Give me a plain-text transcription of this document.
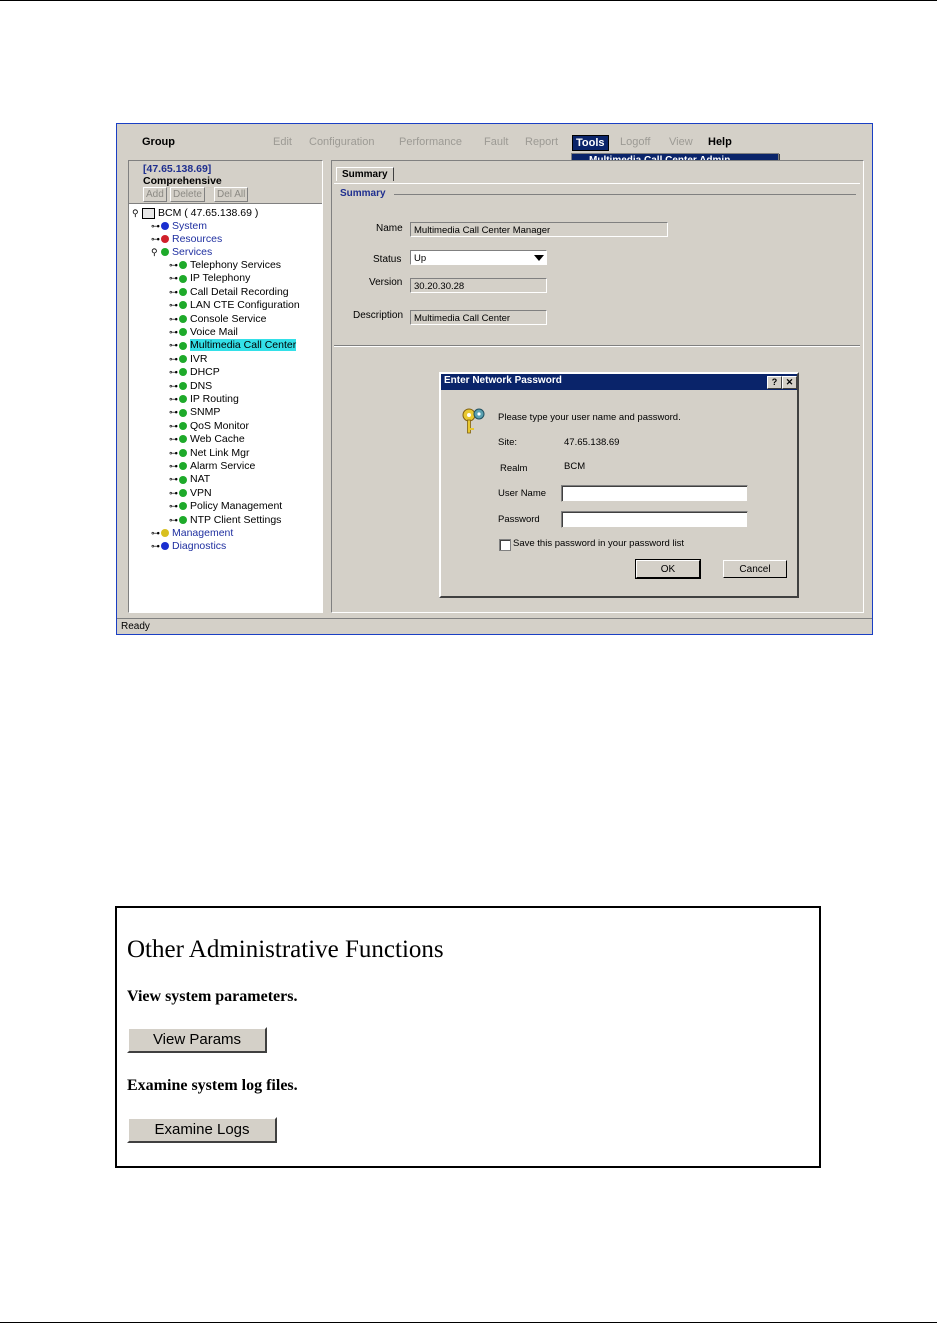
Group	Edit Configuration Performance Fault Report	Tools	Logoff View Help
[47.65.138.69]
Comprehensive
Add Delete	Del All
⚲ BCM ( 47.65.138.69 )
⊶ System
⊶ Resources
⚲ Services
⊶ Telephony Services
⊶ IP Telephony
⊶ Call Detail Recording
⊶ LAN CTE Configuration
⊶ Console Service
⊶ Voice Mail
⊶ Multimedia Call Center
⊶ IVR
⊶ DHCP
⊶ DNS
⊶ IP Routing
⊶ SNMP
⊶ QoS Monitor
⊶ Web Cache
⊶ Net Link Mgr
⊶ Alarm Service
⊶ NAT
⊶ VPN
⊶ Policy Management
⊶ NTP Client Settings
⊶ Management
⊶ Diagnostics
Summary
Summary
Name	Multimedia Call Center Manager
Status	Up
Version	30.20.30.28
Description	Multimedia Call Center
Enter Network Password	? ✕
Please type your user name and password.
Site:	47.65.138.69
Realm	BCM
User Name
Password
Save this password in your password list
OK	Cancel
Ready
Other Administrative Functions
View system parameters.
View Params
Examine system log files.
Examine Logs
